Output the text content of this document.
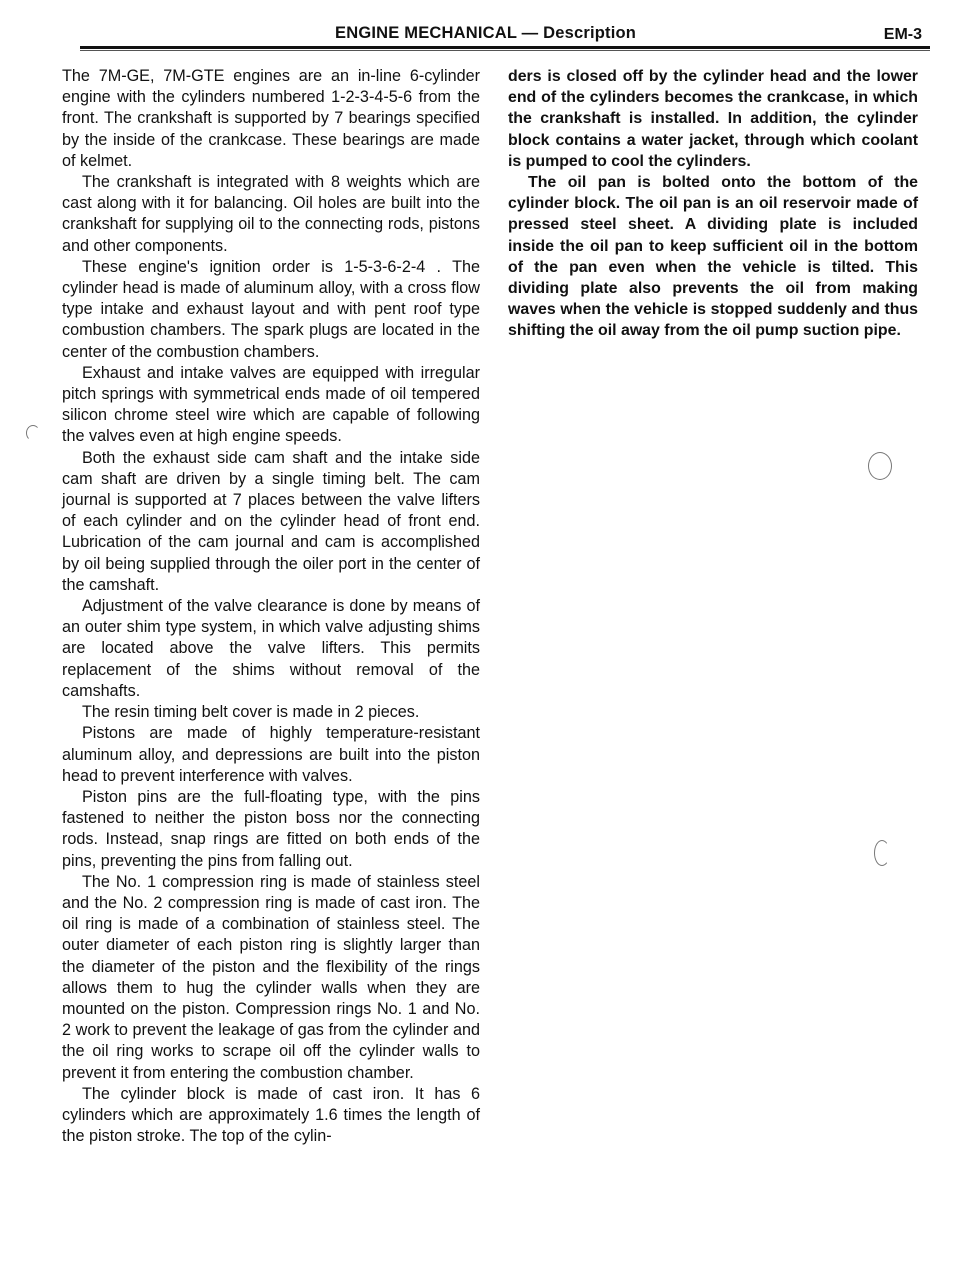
ENGINE MECHANICAL — Description	EM-3

The 7M-GE, 7M-GTE engines are an in-line 6-cylinder engine with the cylinders numbered 1-2-3-4-5-6 from the front. The crankshaft is supported by 7 bearings specified by the inside of the crankcase. These bearings are made of kelmet.

The crankshaft is integrated with 8 weights which are cast along with it for balancing. Oil holes are built into the crankshaft for supplying oil to the connecting rods, pistons and other components.

These engine's ignition order is 1-5-3-6-2-4 . The cylinder head is made of aluminum alloy, with a cross flow type intake and exhaust layout and with pent roof type combustion chambers. The spark plugs are located in the center of the combustion chambers.

Exhaust and intake valves are equipped with irregular pitch springs with symmetrical ends made of oil tempered silicon chrome steel wire which are capable of following the valves even at high engine speeds.

Both the exhaust side cam shaft and the intake side cam shaft are driven by a single timing belt. The cam journal is supported at 7 places between the valve lifters of each cylinder and on the cylinder head of front end. Lubrication of the cam journal and cam is accomplished by oil being supplied through the oiler port in the center of the camshaft.

Adjustment of the valve clearance is done by means of an outer shim type system, in which valve adjusting shims are located above the valve lifters. This permits replacement of the shims without removal of the camshafts.

The resin timing belt cover is made in 2 pieces.

Pistons are made of highly temperature-resistant aluminum alloy, and depressions are built into the piston head to prevent interference with valves.

Piston pins are the full-floating type, with the pins fastened to neither the piston boss nor the connecting rods. Instead, snap rings are fitted on both ends of the pins, preventing the pins from falling out.

The No. 1 compression ring is made of stainless steel and the No. 2 compression ring is made of cast iron. The oil ring is made of a combination of stainless steel. The outer diameter of each piston ring is slightly larger than the diameter of the piston and the flexibility of the rings allows them to hug the cylinder walls when they are mounted on the piston. Compression rings No. 1 and No. 2 work to prevent the leakage of gas from the cylinder and the oil ring works to scrape oil off the cylinder walls to prevent it from entering the combustion chamber.

The cylinder block is made of cast iron. It has 6 cylinders which are approximately 1.6 times the length of the piston stroke. The top of the cylin-

ders is closed off by the cylinder head and the lower end of the cylinders becomes the crankcase, in which the crankshaft is installed. In addition, the cylinder block contains a water jacket, through which coolant is pumped to cool the cylinders.

The oil pan is bolted onto the bottom of the cylinder block. The oil pan is an oil reservoir made of pressed steel sheet. A dividing plate is included inside the oil pan to keep sufficient oil in the bottom of the pan even when the vehicle is tilted. This dividing plate also prevents the oil from making waves when the vehicle is stopped suddenly and thus shifting the oil away from the oil pump suction pipe.
